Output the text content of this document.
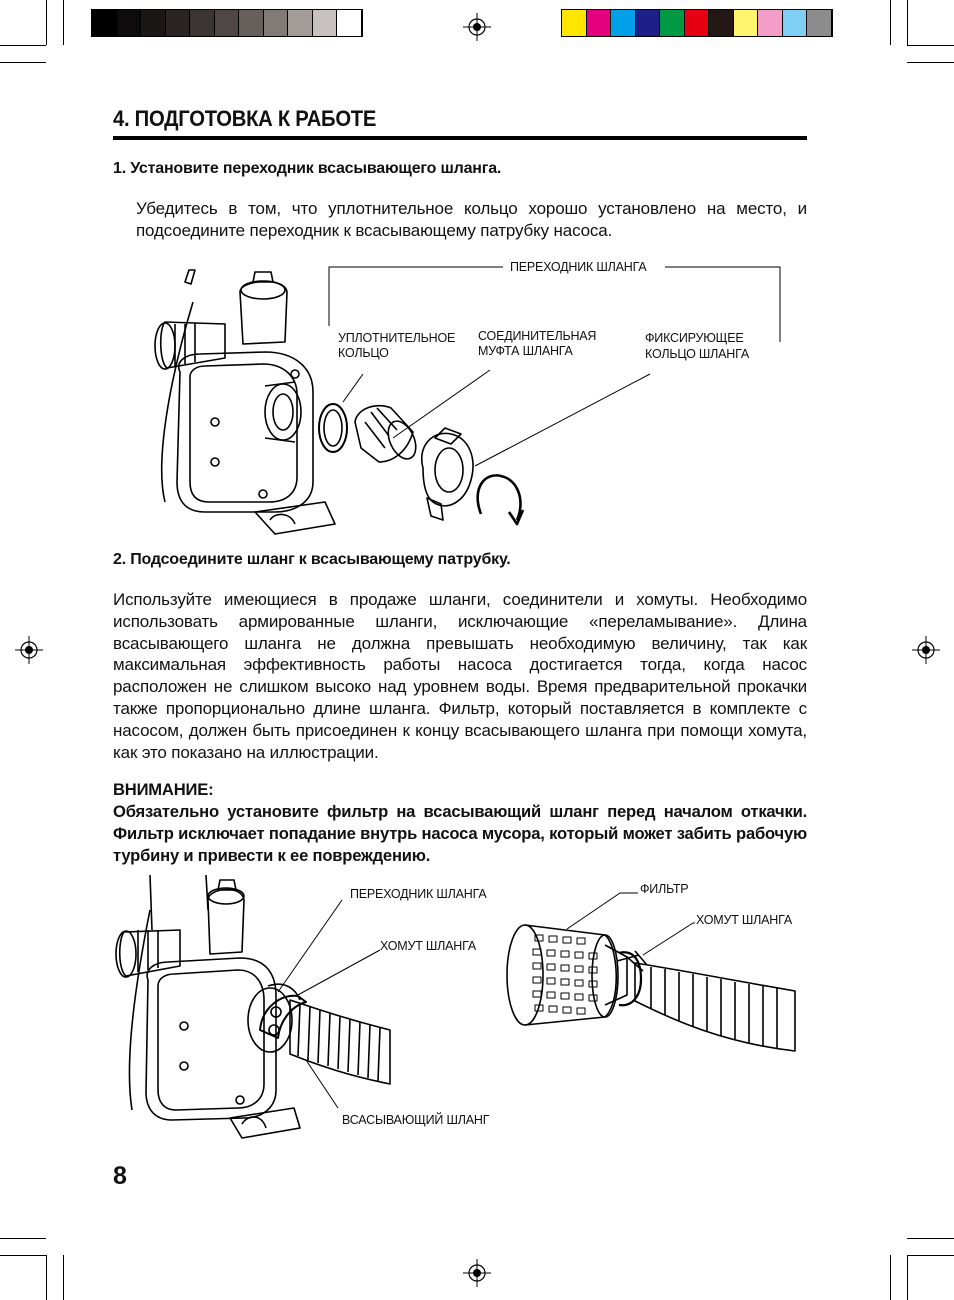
4. ПОДГОТОВКА К РАБОТЕ
1. Установите переходник всасывающего шланга.
Убедитесь в том, что уплотнительное кольцо хорошо установлено на место, и подсоедините переходник к всасывающему патрубку насоса.
ПЕРЕХОДНИК ШЛАНГА
УПЛОТНИТЕЛЬНОЕ
КОЛЬЦО
СОЕДИНИТЕЛЬНАЯ
МУФТА ШЛАНГА
ФИКСИРУЮЩЕЕ
КОЛЬЦО ШЛАНГА
2. Подсоедините шланг к всасывающему патрубку.
Используйте имеющиеся в продаже шланги, соединители и хомуты. Необходимо использовать армированные шланги, исключающие «переламывание». Длина всасывающего шланга не должна превышать необходимую величину, так как максимальная эффективность работы насоса достигается тогда, когда насос расположен не слишком высоко над уровнем воды. Время предварительной прокачки также пропорционально длине шланга. Фильтр, который поставляется в комплекте с насосом, должен быть присоединен к концу всасывающего шланга при помощи хомута, как это показано на иллюстрации.
ВНИМАНИЕ:
Обязательно установите фильтр на всасывающий шланг перед началом откачки. Фильтр исключает попадание внутрь насоса мусора, который может забить рабочую турбину и привести к ее повреждению.
ПЕРЕХОДНИК ШЛАНГА
ХОМУТ ШЛАНГА
ВСАСЫВАЮЩИЙ ШЛАНГ
ФИЛЬТР
ХОМУТ ШЛАНГА
8
